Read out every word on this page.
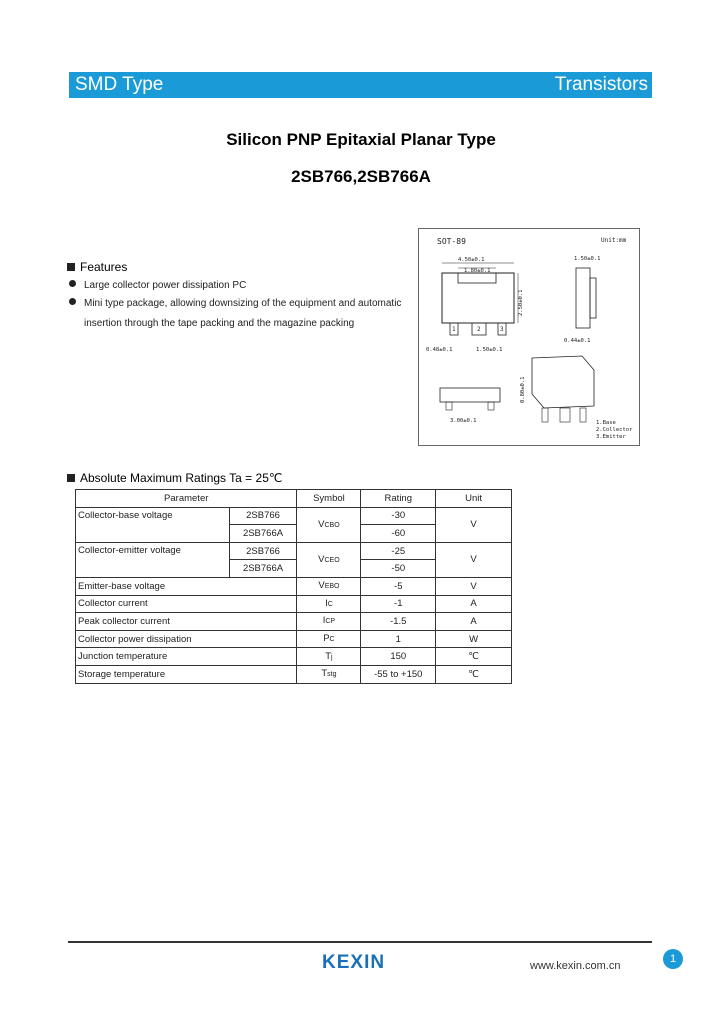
SMD Type	Transistors
Silicon PNP Epitaxial Planar Type
2SB766,2SB766A
Features
Large collector power dissipation PC
Mini type package, allowing downsizing of the equipment and automatic
insertion through the tape packing and the magazine packing
SOT-89	Unit:mm
4.50±0.1
1.80±0.1
1	2	3
2.50±0.1
0.48±0.1	1.50±0.1
1.50±0.1
0.44±0.1
3.00±0.1
0.80±0.1
1.Base
2.Collector
3.Emitter
Absolute Maximum Ratings Ta = 25℃
Parameter		Symbol	Rating	Unit
Collector-base voltage	2SB766	VCBO	-30	V
	2SB766A		-60	
Collector-emitter voltage	2SB766	VCEO	-25	V
	2SB766A		-50	
Emitter-base voltage		VEBO	-5	V
Collector current		IC	-1	A
Peak collector current		ICP	-1.5	A
Collector power dissipation		PC	1	W
Junction temperature		Tj	150	℃
Storage temperature		Tstg	-55 to +150	℃
KEXIN	www.kexin.com.cn
1
